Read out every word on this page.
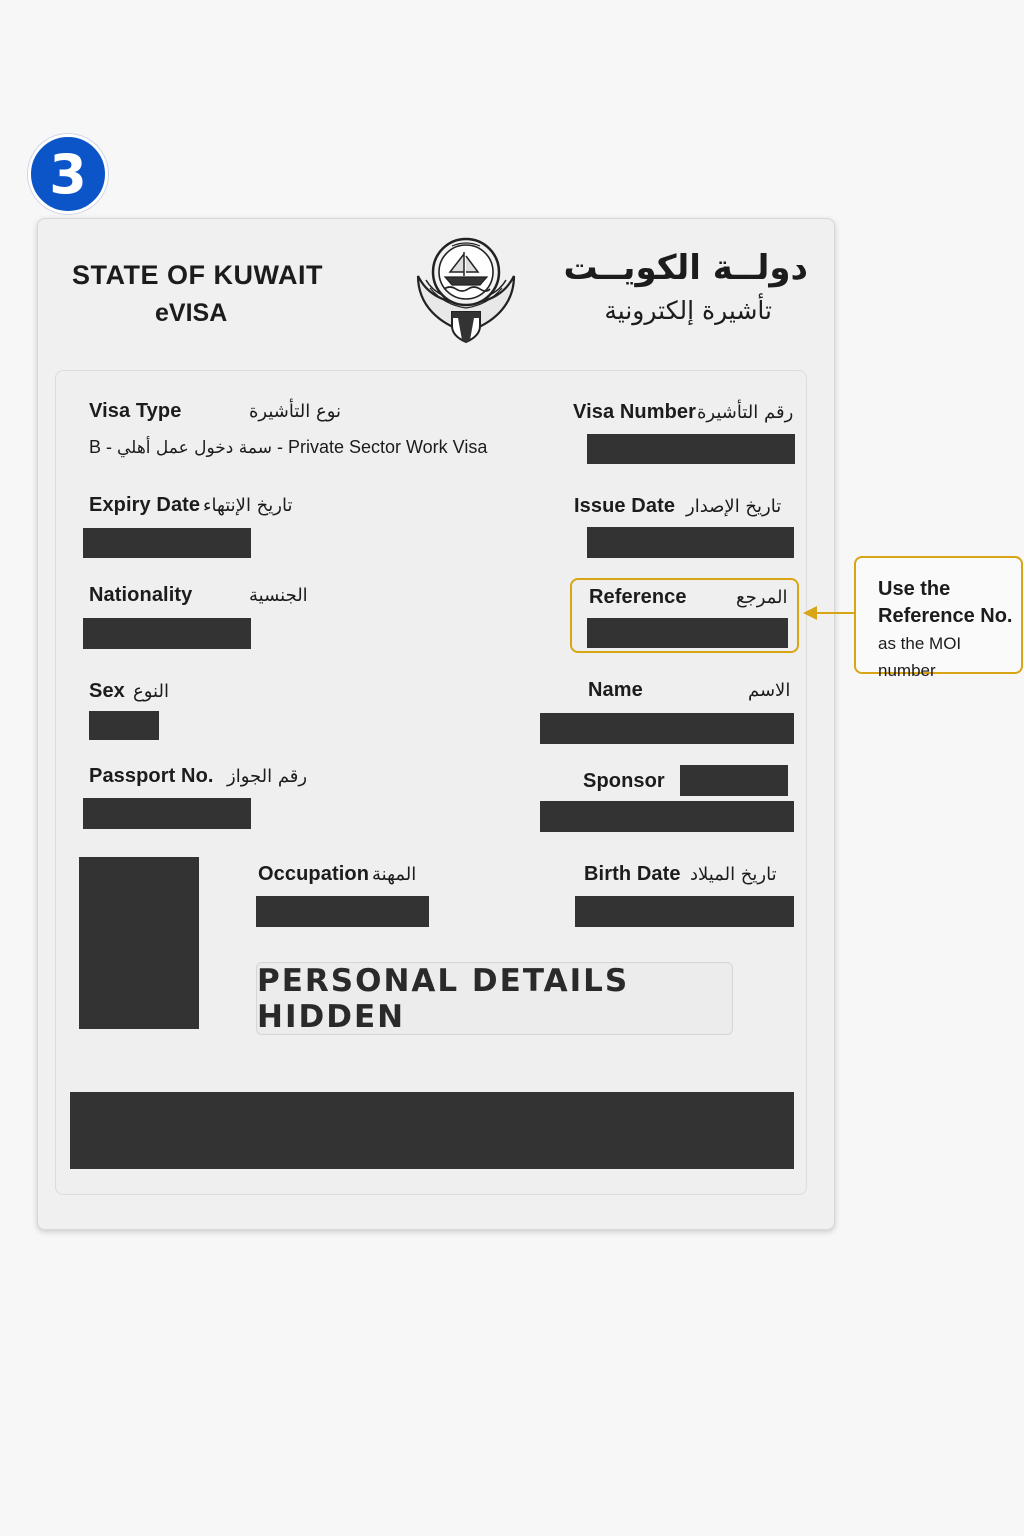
3
STATE OF KUWAIT
eVISA
دولــة الكويــت
تأشيرة إلكترونية
Visa Type	نوع التأشيرة
B - سمة دخول عمل أهلي - Private Sector Work Visa
Visa Number رقم التأشيرة
Expiry Date تاريخ الإنتهاء	Issue Date تاريخ الإصدار
Nationality	الجنسية	Reference	المرجع	Use the
Reference No.
as the MOI number
Sex النوع	Name	الاسم
Passport No. رقم الجواز	Sponsor
Occupation المهنة	Birth Date تاريخ الميلاد
PERSONAL DETAILS HIDDEN
